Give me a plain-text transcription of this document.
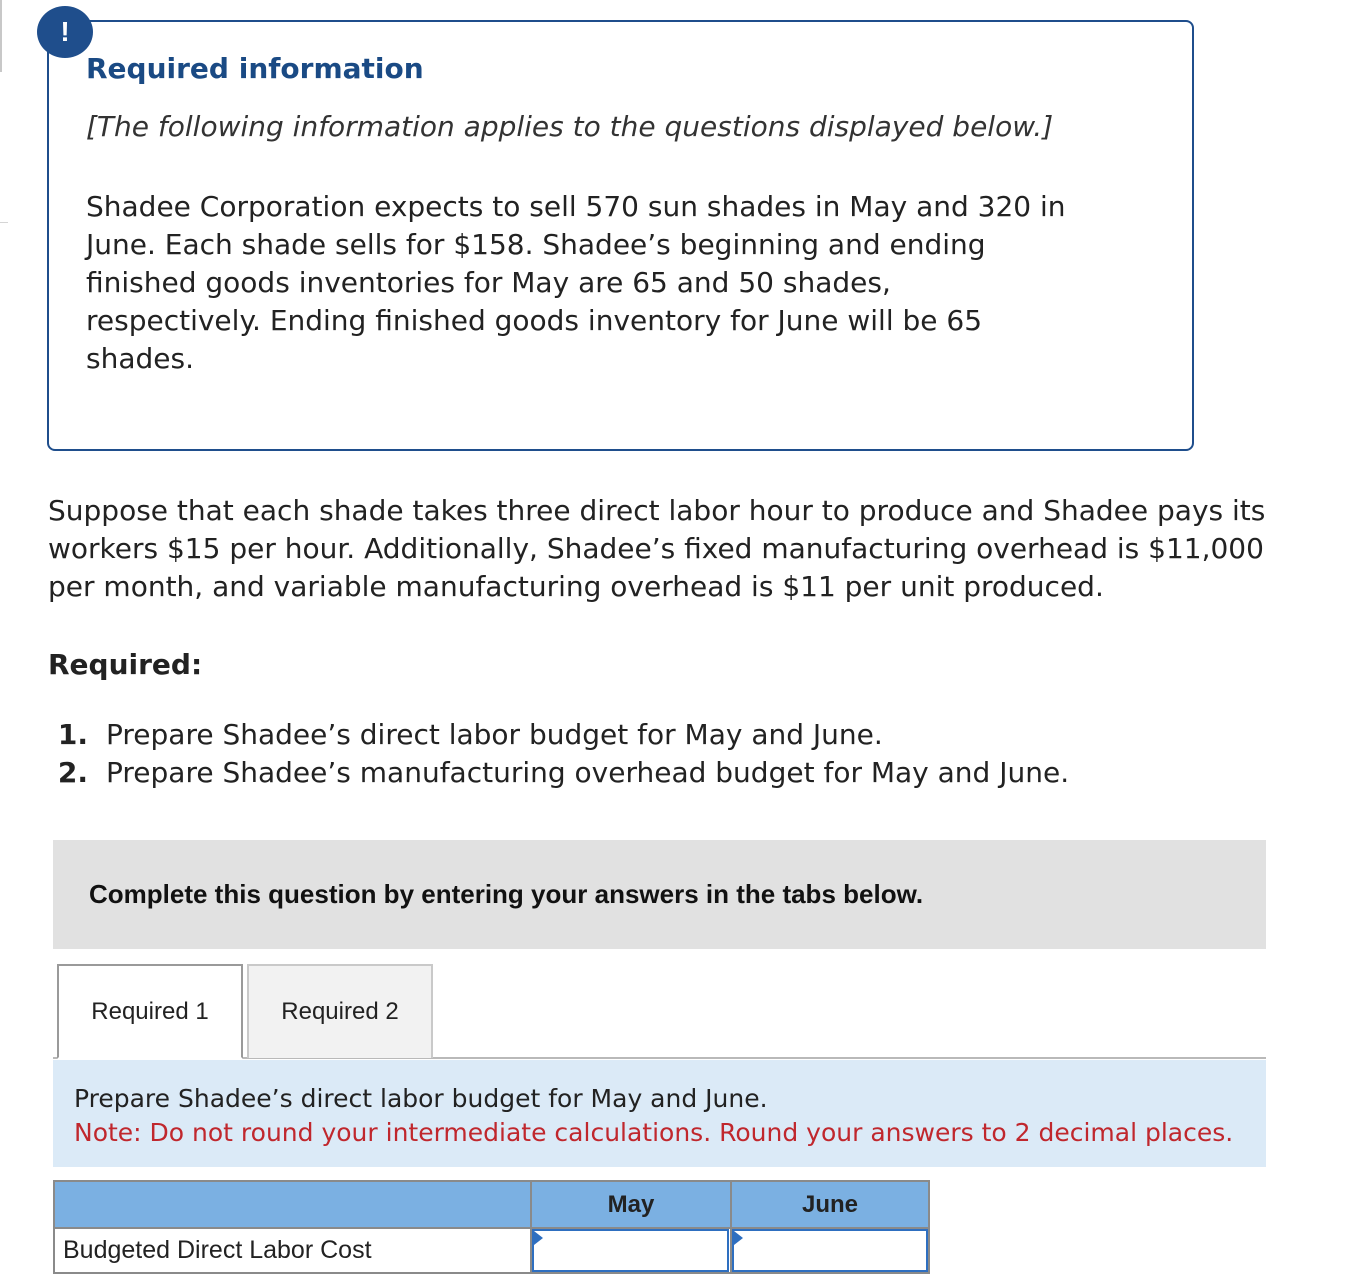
!
Required information
[The following information applies to the questions displayed below.]

Shadee Corporation expects to sell 570 sun shades in May and 320 in June. Each shade sells for $158. Shadee’s beginning and ending finished goods inventories for May are 65 and 50 shades, respectively. Ending finished goods inventory for June will be 65 shades.

Suppose that each shade takes three direct labor hour to produce and Shadee pays its workers $15 per hour. Additionally, Shadee’s fixed manufacturing overhead is $11,000 per month, and variable manufacturing overhead is $11 per unit produced.

Required:
1. Prepare Shadee’s direct labor budget for May and June.
2. Prepare Shadee’s manufacturing overhead budget for May and June.
Complete this question by entering your answers in the tabs below.
Required 1	Required 2
Prepare Shadee’s direct labor budget for May and June.
Note: Do not round your intermediate calculations. Round your answers to 2 decimal places.
May	June
Budgeted Direct Labor Cost
